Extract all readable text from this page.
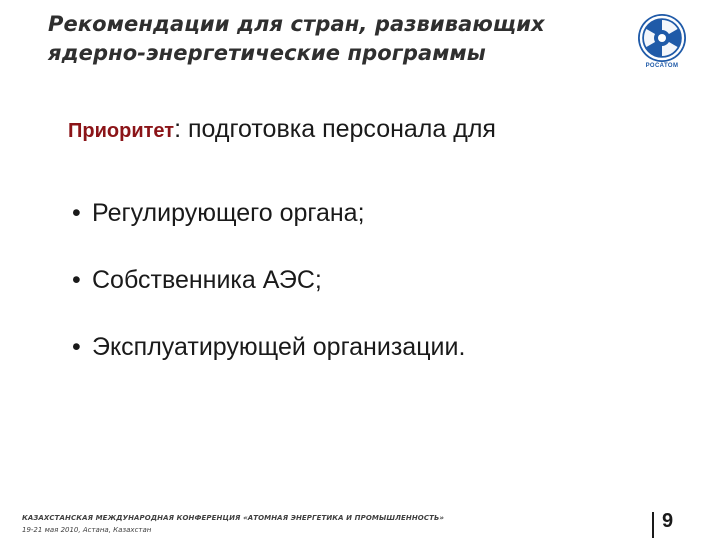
Рекомендации для стран, развивающих
ядерно-энергетические программы
РОСАТОМ
Приоритет: подготовка персонала для
• Регулирующего органа;
• Собственника АЭС;
• Эксплуатирующей организации.
КАЗАХСТАНСКАЯ МЕЖДУНАРОДНАЯ КОНФЕРЕНЦИЯ «АТОМНАЯ ЭНЕРГЕТИКА И ПРОМЫШЛЕННОСТЬ»
19-21 мая 2010, Астана, Казахстан	9
